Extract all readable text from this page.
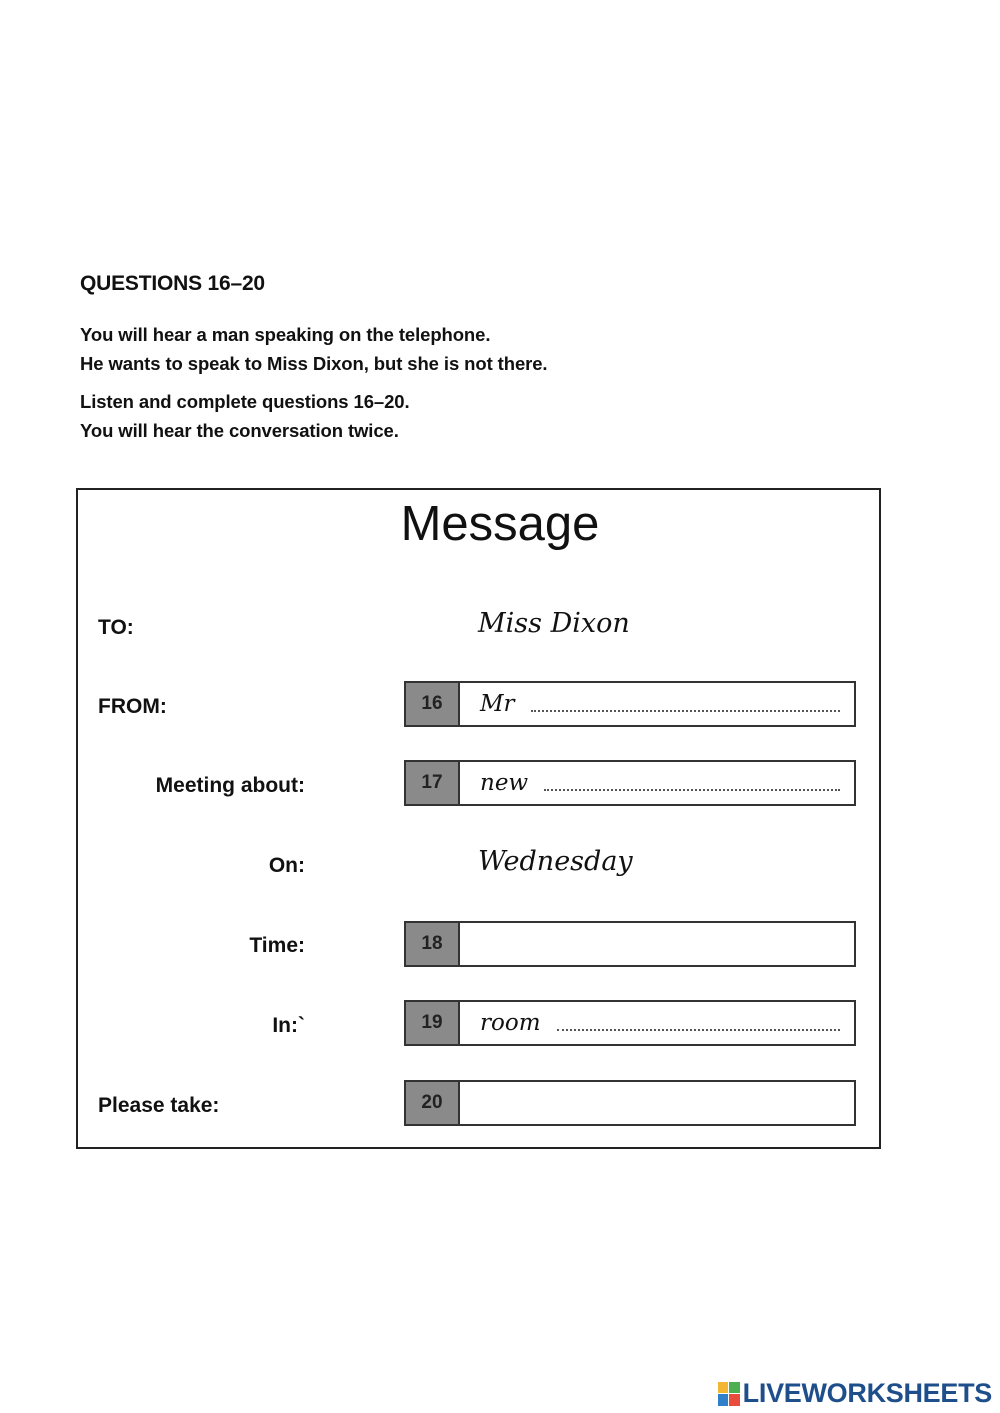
QUESTIONS 16–20
You will hear a man speaking on the telephone.
He wants to speak to Miss Dixon, but she is not there.
Listen and complete questions 16–20.
You will hear the conversation twice.
Message
TO:	Miss Dixon
FROM:	16	Mr
Meeting about:	17	new
On:	Wednesday
Time:	18
In:`	19	room
Please take:	20
LIVEWORKSHEETS
